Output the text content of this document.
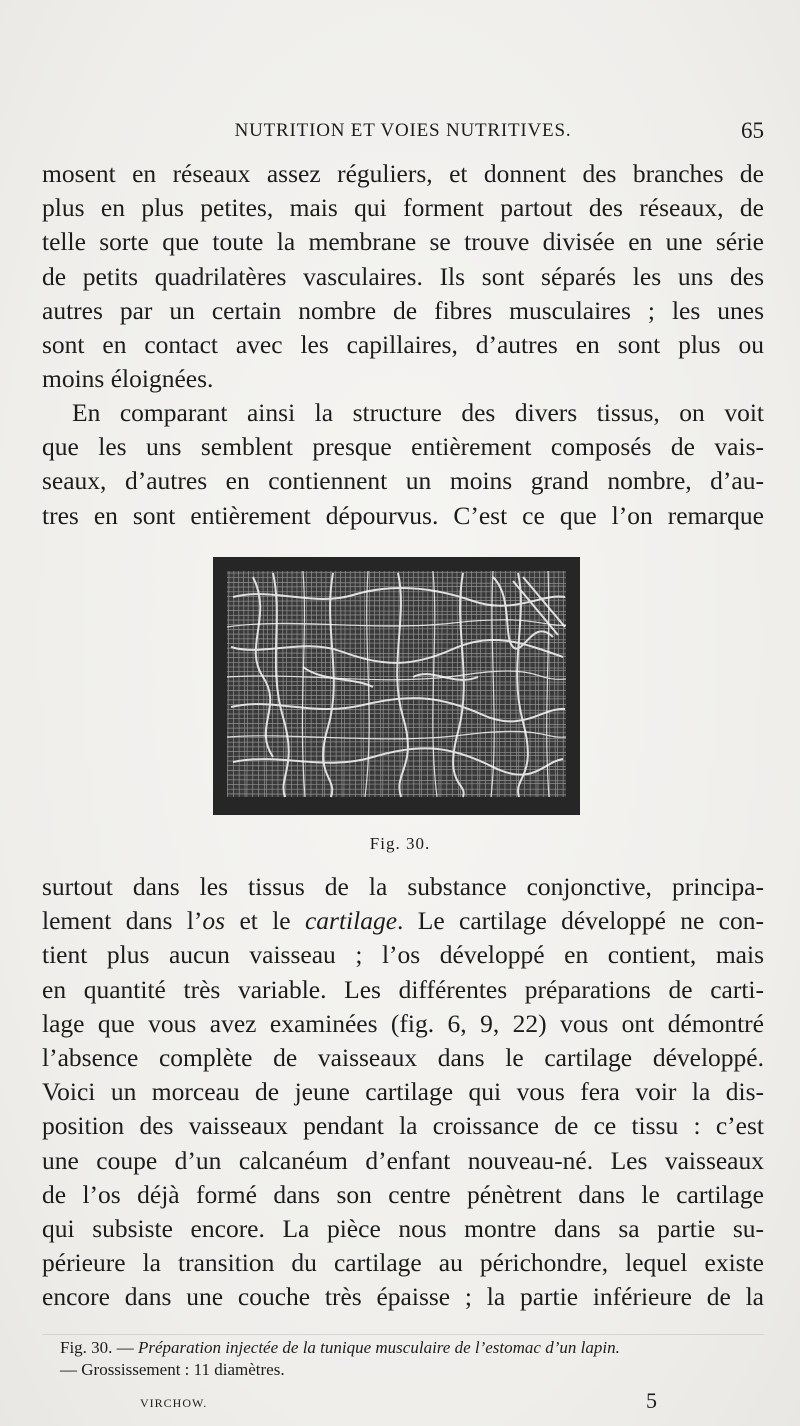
NUTRITION ET VOIES NUTRITIVES.	65
mosent en réseaux assez réguliers, et donnent des branches de
plus en plus petites, mais qui forment partout des réseaux, de
telle sorte que toute la membrane se trouve divisée en une série
de petits quadrilatères vasculaires. Ils sont séparés les uns des
autres par un certain nombre de fibres musculaires ; les unes
sont en contact avec les capillaires, d’autres en sont plus ou
moins éloignées.
En comparant ainsi la structure des divers tissus, on voit
que les uns semblent presque entièrement composés de vais-
seaux, d’autres en contiennent un moins grand nombre, d’au-
tres en sont entièrement dépourvus. C’est ce que l’on remarque
Fig. 30.
surtout dans les tissus de la substance conjonctive, principa-
lement dans l’os et le cartilage. Le cartilage développé ne con-
tient plus aucun vaisseau ; l’os développé en contient, mais
en quantité très variable. Les différentes préparations de carti-
lage que vous avez examinées (fig. 6, 9, 22) vous ont démontré
l’absence complète de vaisseaux dans le cartilage développé.
Voici un morceau de jeune cartilage qui vous fera voir la dis-
position des vaisseaux pendant la croissance de ce tissu : c’est
une coupe d’un calcanéum d’enfant nouveau-né. Les vaisseaux
de l’os déjà formé dans son centre pénètrent dans le cartilage
qui subsiste encore. La pièce nous montre dans sa partie su-
périeure la transition du cartilage au périchondre, lequel existe
encore dans une couche très épaisse ; la partie inférieure de la
Fig. 30. — Préparation injectée de la tunique musculaire de l’estomac d’un lapin.
— Grossissement : 11 diamètres.
VIRCHOW.	5
